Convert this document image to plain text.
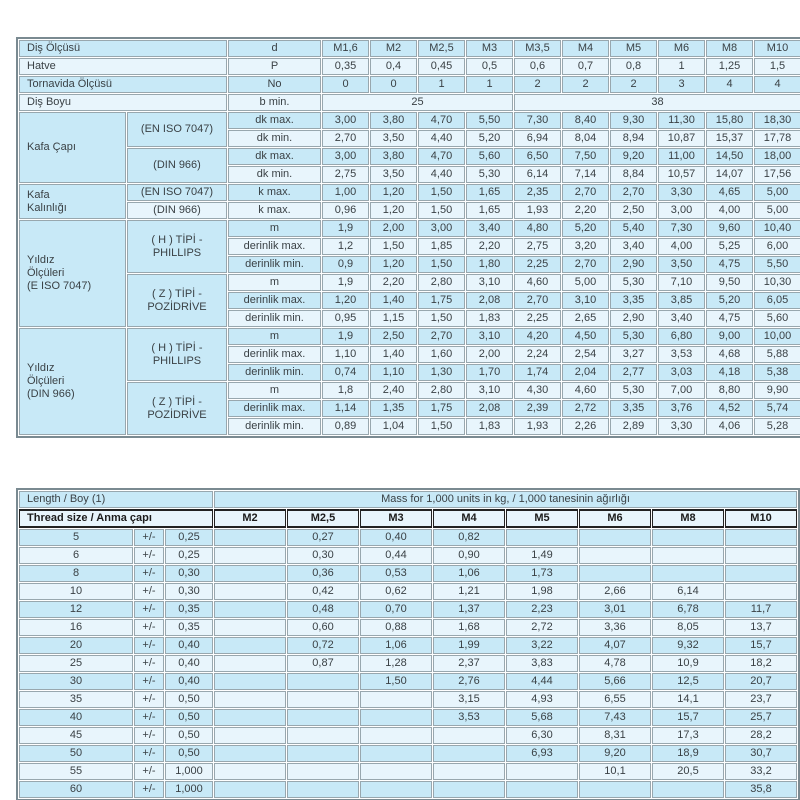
Diş Ölçüsü		d	M1,6	M2	M2,5	M3	M3,5	M4	M5	M6	M8	M10
Hatve		P	0,35	0,4	0,45	0,5	0,6	0,7	0,8	1	1,25	1,5
Tornavida Ölçüsü		No	0	0	1	1	2	2	2	3	4	4
Diş Boyu		b min.	25				38					
Kafa Çapı	(EN ISO 7047)	dk max.	3,00	3,80	4,70	5,50	7,30	8,40	9,30	11,30	15,80	18,30
		dk min.	2,70	3,50	4,40	5,20	6,94	8,04	8,94	10,87	15,37	17,78
	(DIN 966)	dk max.	3,00	3,80	4,70	5,60	6,50	7,50	9,20	11,00	14,50	18,00
		dk min.	2,75	3,50	4,40	5,30	6,14	7,14	8,84	10,57	14,07	17,56
Kafa
Kalınlığı	(EN ISO 7047)	k max.	1,00	1,20	1,50	1,65	2,35	2,70	2,70	3,30	4,65	5,00
	(DIN 966)	k max.	0,96	1,20	1,50	1,65	1,93	2,20	2,50	3,00	4,00	5,00
Yıldız
Ölçüleri
(E ISO 7047)	( H ) TİPİ -
PHILLIPS	m	1,9	2,00	3,00	3,40	4,80	5,20	5,40	7,30	9,60	10,40
		derinlik max.	1,2	1,50	1,85	2,20	2,75	3,20	3,40	4,00	5,25	6,00
		derinlik min.	0,9	1,20	1,50	1,80	2,25	2,70	2,90	3,50	4,75	5,50
	( Z ) TİPİ -
POZİDRİVE	m	1,9	2,20	2,80	3,10	4,60	5,00	5,30	7,10	9,50	10,30
		derinlik max.	1,20	1,40	1,75	2,08	2,70	3,10	3,35	3,85	5,20	6,05
		derinlik min.	0,95	1,15	1,50	1,83	2,25	2,65	2,90	3,40	4,75	5,60
Yıldız
Ölçüleri
(DIN 966)	( H ) TİPİ -
PHILLIPS	m	1,9	2,50	2,70	3,10	4,20	4,50	5,30	6,80	9,00	10,00
		derinlik max.	1,10	1,40	1,60	2,00	2,24	2,54	3,27	3,53	4,68	5,88
		derinlik min.	0,74	1,10	1,30	1,70	1,74	2,04	2,77	3,03	4,18	5,38
	( Z ) TİPİ -
POZİDRİVE	m	1,8	2,40	2,80	3,10	4,30	4,60	5,30	7,00	8,80	9,90
		derinlik max.	1,14	1,35	1,75	2,08	2,39	2,72	3,35	3,76	4,52	5,74
		derinlik min.	0,89	1,04	1,50	1,83	1,93	2,26	2,89	3,30	4,06	5,28
Length / Boy (1)			Mass for 1,000 units in kg, / 1,000 tanesinin ağırlığı							
Thread size / Anma çapı			M2	M2,5	M3	M4	M5	M6	M8	M10
5	+/-	0,25		0,27	0,40	0,82				
6	+/-	0,25		0,30	0,44	0,90	1,49			
8	+/-	0,30		0,36	0,53	1,06	1,73			
10	+/-	0,30		0,42	0,62	1,21	1,98	2,66	6,14	
12	+/-	0,35		0,48	0,70	1,37	2,23	3,01	6,78	11,7
16	+/-	0,35		0,60	0,88	1,68	2,72	3,36	8,05	13,7
20	+/-	0,40		0,72	1,06	1,99	3,22	4,07	9,32	15,7
25	+/-	0,40		0,87	1,28	2,37	3,83	4,78	10,9	18,2
30	+/-	0,40			1,50	2,76	4,44	5,66	12,5	20,7
35	+/-	0,50				3,15	4,93	6,55	14,1	23,7
40	+/-	0,50				3,53	5,68	7,43	15,7	25,7
45	+/-	0,50					6,30	8,31	17,3	28,2
50	+/-	0,50					6,93	9,20	18,9	30,7
55	+/-	1,000						10,1	20,5	33,2
60	+/-	1,000								35,8
